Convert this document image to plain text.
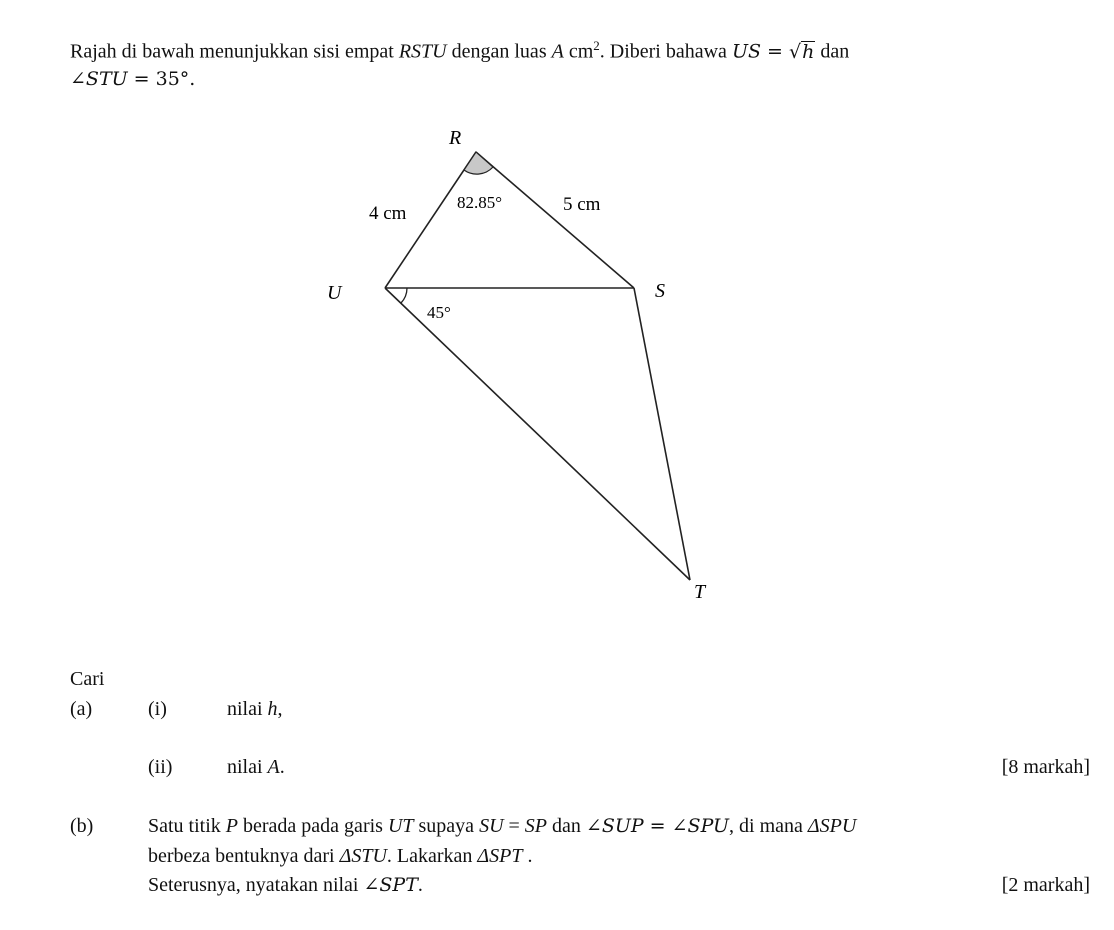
Rajah di bawah menunjukkan sisi empat RSTU dengan luas A $cm^2$. Diberi bahawa US = √h dan
∠STU = 35°.
R
U	S
T
4 cm	5 cm
82.85°
45°
Cari
(a)	(i)	nilai h,
(ii)	nilai A.	[8 markah]
(b)	Satu titik P berada pada garis UT supaya SU = SP dan ∠SUP = ∠SPU, di mana ΔSPU
berbeza bentuknya dari ΔSTU. Lakarkan ΔSPT .
Seterusnya, nyatakan nilai ∠SPT.	[2 markah]
